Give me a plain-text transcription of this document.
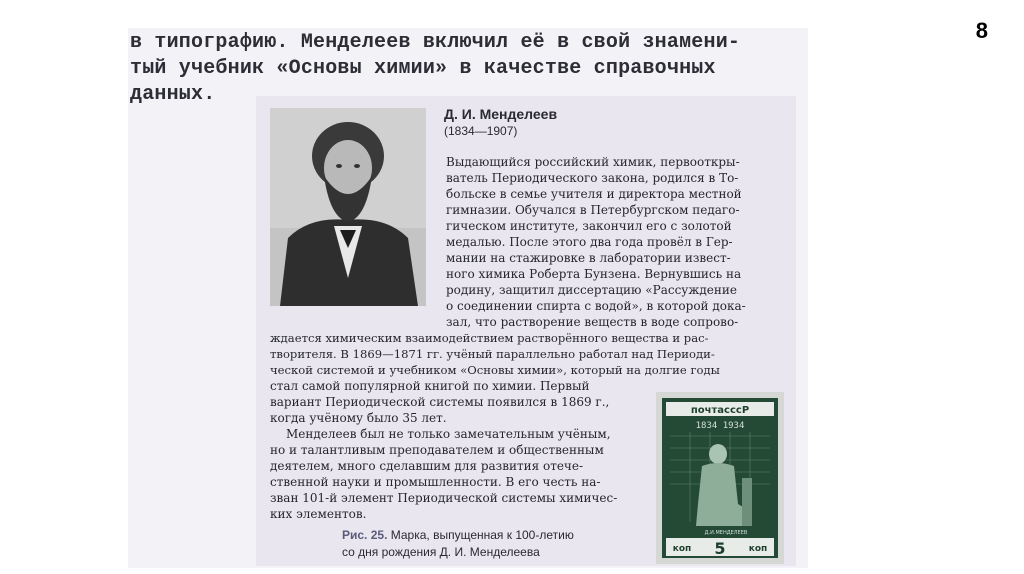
8
в типографию. Менделеев включил её в свой знамени-
тый учебник «Основы химии» в качестве справочных
данных.
Д. И. Менделеев
(1834—1907)
Выдающийся российский химик, первооткры-
ватель Периодического закона, родился в То-
больске в семье учителя и директора местной
гимназии. Обучался в Петербургском педаго-
гическом институте, закончил его с золотой
медалью. После этого два года провёл в Гер-
мании на стажировке в лаборатории извест-
ного химика Роберта Бунзена. Вернувшись на
родину, защитил диссертацию «Рассуждение
о соединении спирта с водой», в которой дока-
зал, что растворение веществ в воде сопрово-
ждается химическим взаимодействием растворённого вещества и рас-
творителя. В 1869—1871 гг. учёный параллельно работал над Периоди-
ческой системой и учебником «Основы химии», который на долгие годы
стал самой популярной книгой по химии. Первый
вариант Периодической системы появился в 1869 г.,
когда учёному было 35 лет.
Менделеев был не только замечательным учёным,
но и талантливым преподавателем и общественным
деятелем, много сделавшим для развития отече-
ственной науки и промышленности. В его честь на-
зван 101-й элемент Периодической системы химичес-
ких элементов.
Рис. 25. Марка, выпущенная к 100-летию
со дня рождения Д. И. Менделеева
почтасссР
1834 1934
Д.И.МЕНДЕЛЕЕВ
коп 5	коп
